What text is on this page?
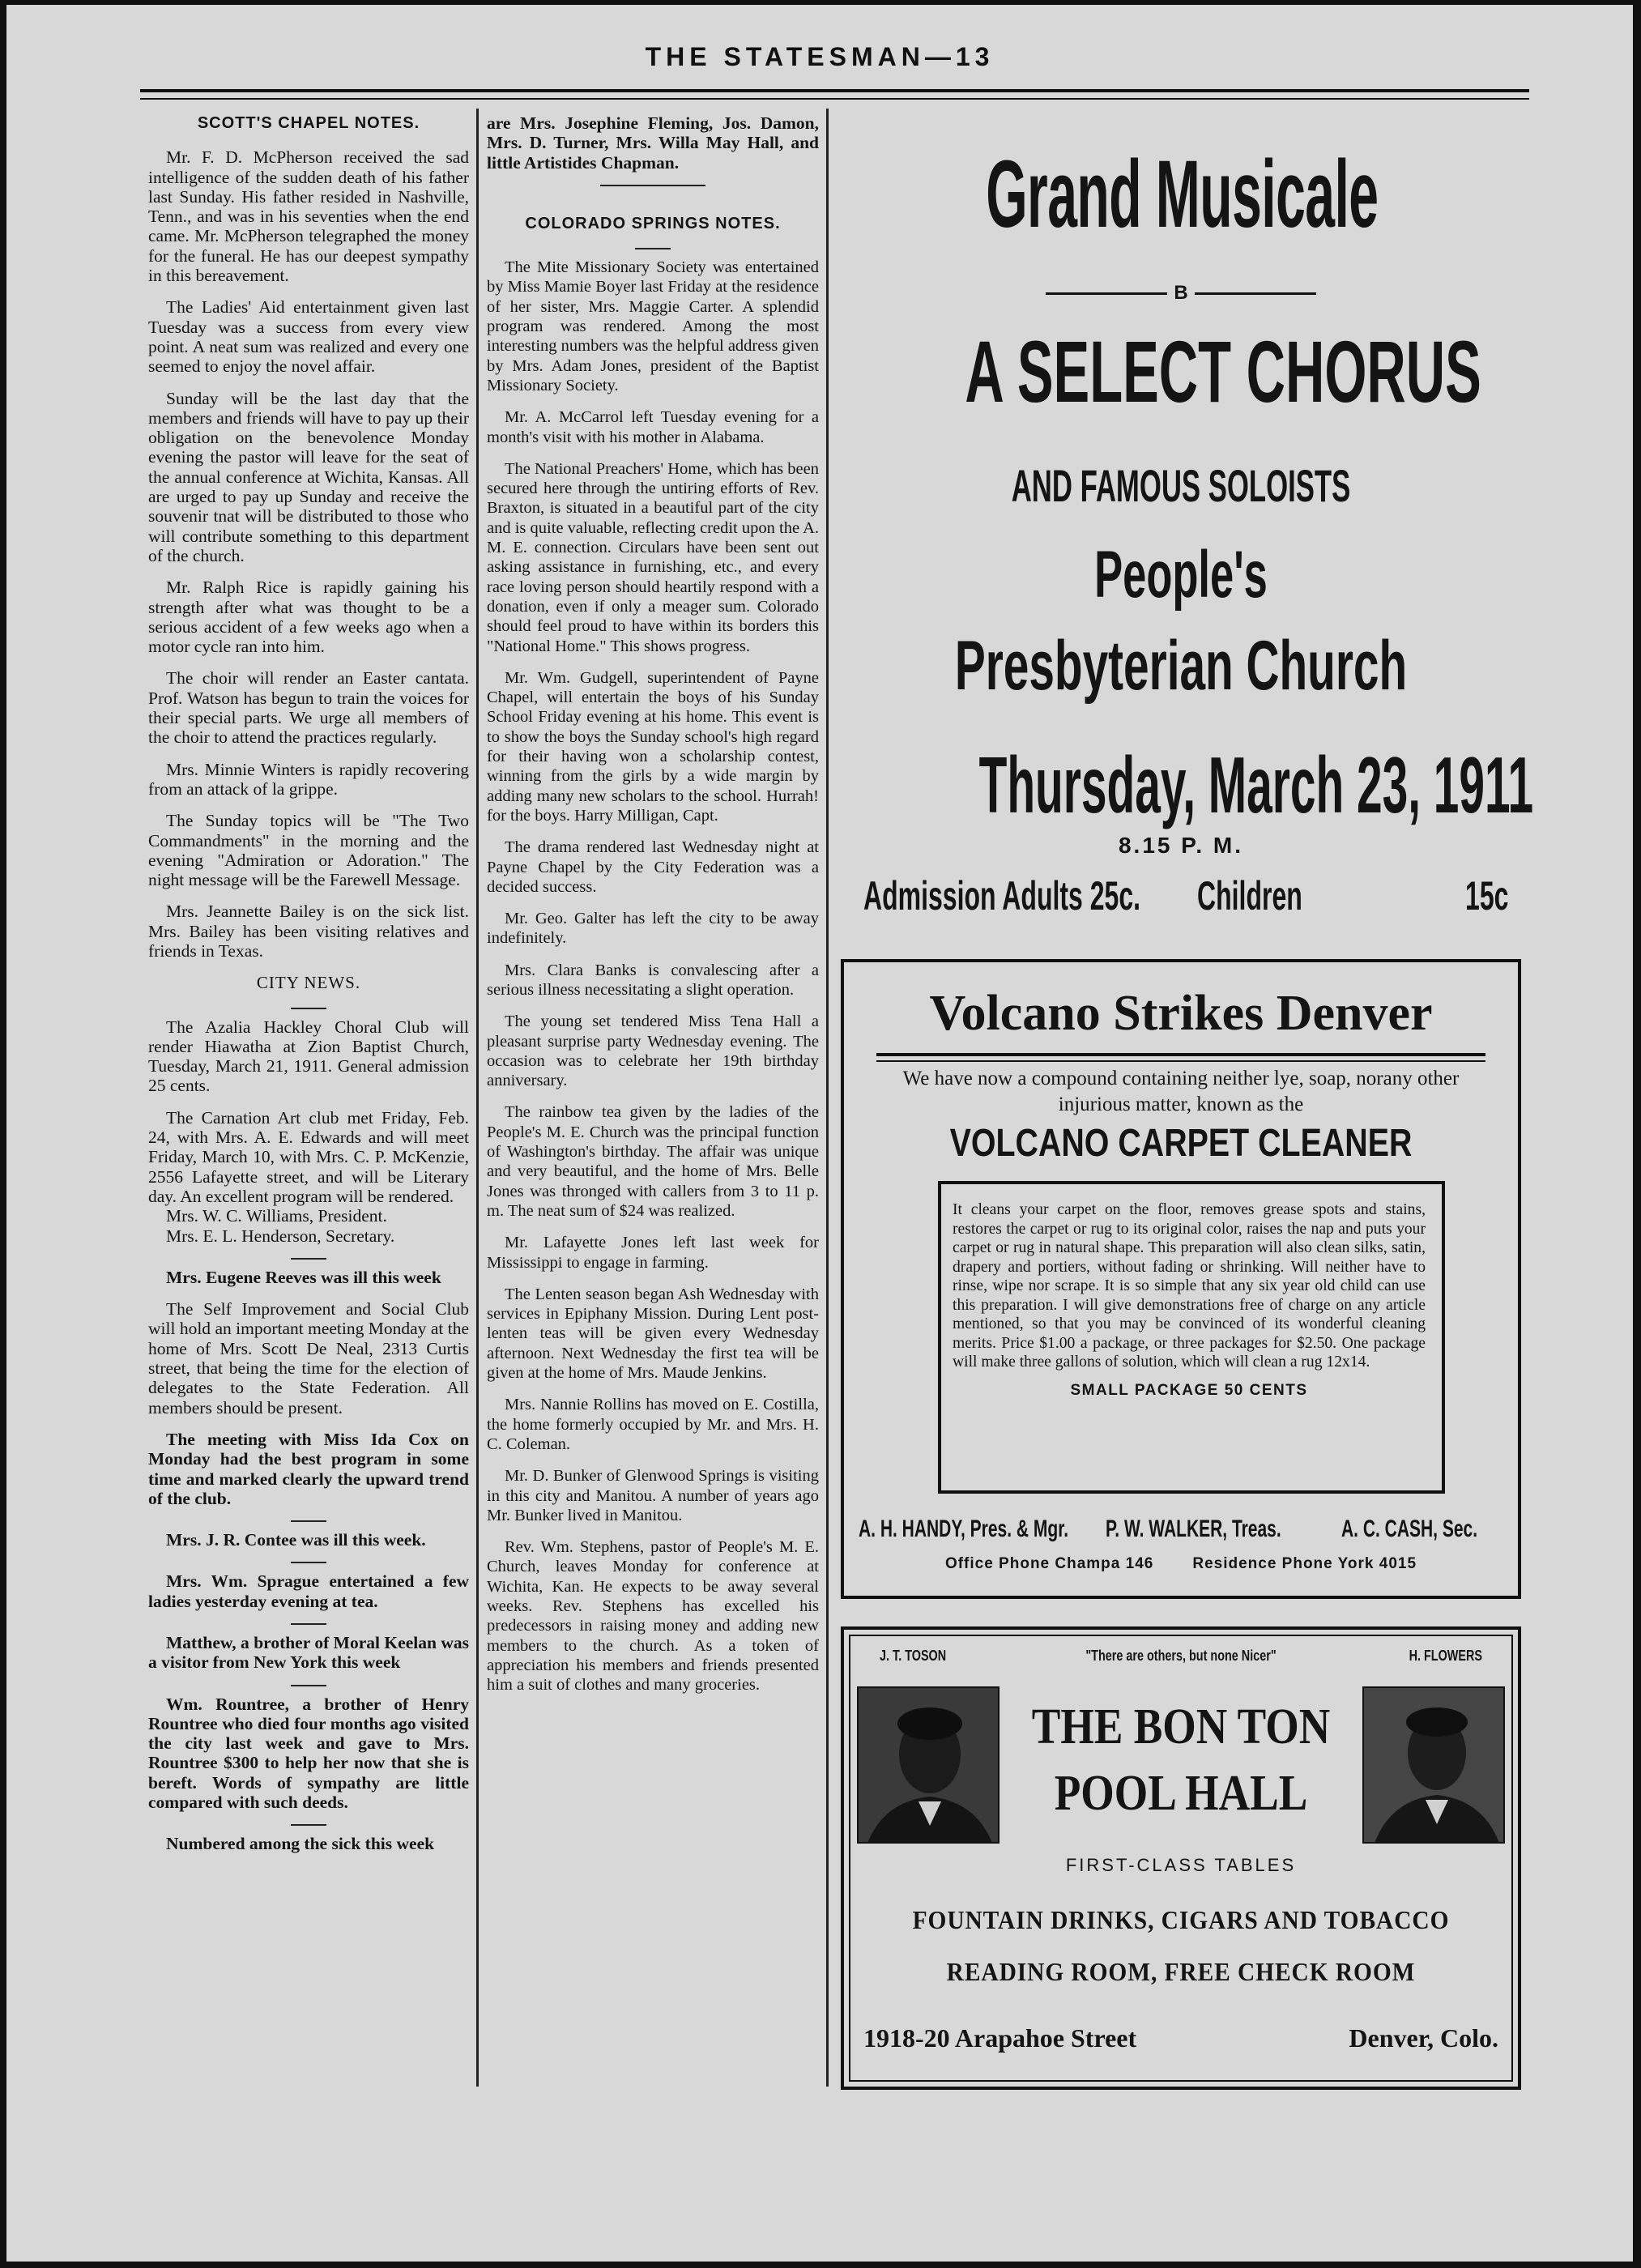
THE STATESMAN—13
SCOTT'S CHAPEL NOTES.

Mr. F. D. McPherson received the sad intelligence of the sudden death of his father last Sunday. His father resided in Nashville, Tenn., and was in his seventies when the end came. Mr. McPherson telegraphed the money for the funeral. He has our deepest sympathy in this bereavement.

The Ladies' Aid entertainment given last Tuesday was a success from every view point. A neat sum was realized and every one seemed to enjoy the novel affair.

Sunday will be the last day that the members and friends will have to pay up their obligation on the benevolence Monday evening the pastor will leave for the seat of the annual conference at Wichita, Kansas. All are urged to pay up Sunday and receive the souvenir tnat will be distributed to those who will contribute something to this department of the church.

Mr. Ralph Rice is rapidly gaining his strength after what was thought to be a serious accident of a few weeks ago when a motor cycle ran into him.

The choir will render an Easter cantata. Prof. Watson has begun to train the voices for their special parts. We urge all members of the choir to attend the practices regularly.

Mrs. Minnie Winters is rapidly recovering from an attack of la grippe.

The Sunday topics will be "The Two Commandments" in the morning and the evening "Admiration or Adoration." The night message will be the Farewell Message.

Mrs. Jeannette Bailey is on the sick list. Mrs. Bailey has been visiting relatives and friends in Texas.

CITY NEWS.

The Azalia Hackley Choral Club will render Hiawatha at Zion Baptist Church, Tuesday, March 21, 1911. General admission 25 cents.

The Carnation Art club met Friday, Feb. 24, with Mrs. A. E. Edwards and will meet Friday, March 10, with Mrs. C. P. McKenzie, 2556 Lafayette street, and will be Literary day. An excellent program will be rendered.

Mrs. W. C. Williams, President.

Mrs. E. L. Henderson, Secretary.

Mrs. Eugene Reeves was ill this week

The Self Improvement and Social Club will hold an important meeting Monday at the home of Mrs. Scott De Neal, 2313 Curtis street, that being the time for the election of delegates to the State Federation. All members should be present.

The meeting with Miss Ida Cox on Monday had the best program in some time and marked clearly the upward trend of the club.

Mrs. J. R. Contee was ill this week.

Mrs. Wm. Sprague entertained a few ladies yesterday evening at tea.

Matthew, a brother of Moral Keelan was a visitor from New York this week

Wm. Rountree, a brother of Henry Rountree who died four months ago visited the city last week and gave to Mrs. Rountree $300 to help her now that she is bereft. Words of sympathy are little compared with such deeds.

Numbered among the sick this week

are Mrs. Josephine Fleming, Jos. Damon, Mrs. D. Turner, Mrs. Willa May Hall, and little Artistides Chapman.

COLORADO SPRINGS NOTES.

The Mite Missionary Society was entertained by Miss Mamie Boyer last Friday at the residence of her sister, Mrs. Maggie Carter. A splendid program was rendered. Among the most interesting numbers was the helpful address given by Mrs. Adam Jones, president of the Baptist Missionary Society.

Mr. A. McCarrol left Tuesday evening for a month's visit with his mother in Alabama.

The National Preachers' Home, which has been secured here through the untiring efforts of Rev. Braxton, is situated in a beautiful part of the city and is quite valuable, reflecting credit upon the A. M. E. connection. Circulars have been sent out asking assistance in furnishing, etc., and every race loving person should heartily respond with a donation, even if only a meager sum. Colorado should feel proud to have within its borders this "National Home." This shows progress.

Mr. Wm. Gudgell, superintendent of Payne Chapel, will entertain the boys of his Sunday School Friday evening at his home. This event is to show the boys the Sunday school's high regard for their having won a scholarship contest, winning from the girls by a wide margin by adding many new scholars to the school. Hurrah! for the boys. Harry Milligan, Capt.

The drama rendered last Wednesday night at Payne Chapel by the City Federation was a decided success.

Mr. Geo. Galter has left the city to be away indefinitely.

Mrs. Clara Banks is convalescing after a serious illness necessitating a slight operation.

The young set tendered Miss Tena Hall a pleasant surprise party Wednesday evening. The occasion was to celebrate her 19th birthday anniversary.

The rainbow tea given by the ladies of the People's M. E. Church was the principal function of Washington's birthday. The affair was unique and very beautiful, and the home of Mrs. Belle Jones was thronged with callers from 3 to 11 p. m. The neat sum of $24 was realized.

Mr. Lafayette Jones left last week for Mississippi to engage in farming.

The Lenten season began Ash Wednesday with services in Epiphany Mission. During Lent post-lenten teas will be given every Wednesday afternoon. Next Wednesday the first tea will be given at the home of Mrs. Maude Jenkins.

Mrs. Nannie Rollins has moved on E. Costilla, the home formerly occupied by Mr. and Mrs. H. C. Coleman.

Mr. D. Bunker of Glenwood Springs is visiting in this city and Manitou. A number of years ago Mr. Bunker lived in Manitou.

Rev. Wm. Stephens, pastor of People's M. E. Church, leaves Monday for conference at Wichita, Kan. He expects to be away several weeks. Rev. Stephens has excelled his predecessors in raising money and adding new members to the church. As a token of appreciation his members and friends presented him a suit of clothes and many groceries.

Grand Musicale
B
A SELECT CHORUS
AND FAMOUS SOLOISTS
People's
Presbyterian Church
Thursday, March 23, 1911
8.15 P. M.
Admission Adults 25c. Children	15c
Volcano Strikes Denver
We have now a compound containing neither lye, soap, norany other injurious matter, known as the
VOLCANO CARPET CLEANER
It cleans your carpet on the floor, removes grease spots and stains, restores the carpet or rug to its original color, raises the nap and puts your carpet or rug in natural shape. This preparation will also clean silks, satin, drapery and portiers, without fading or shrinking. Will neither have to rinse, wipe nor scrape. It is so simple that any six year old child can use this preparation. I will give demonstrations free of charge on any article mentioned, so that you may be convinced of its wonderful cleaning merits. Price $1.00 a package, or three packages for $2.50. One package will make three gallons of solution, which will clean a rug 12x14.
SMALL PACKAGE 50 CENTS
A. H. HANDY, Pres. & Mgr. P. W. WALKER, Treas. A. C. CASH, Sec.
Office Phone Champa 146	Residence Phone York 4015
J. T. TOSON	"There are others, but none Nicer"	H. FLOWERS
THE BON TON
POOL HALL
FIRST-CLASS TABLES
FOUNTAIN DRINKS, CIGARS AND TOBACCO
READING ROOM, FREE CHECK ROOM
1918-20 Arapahoe Street	Denver, Colo.
